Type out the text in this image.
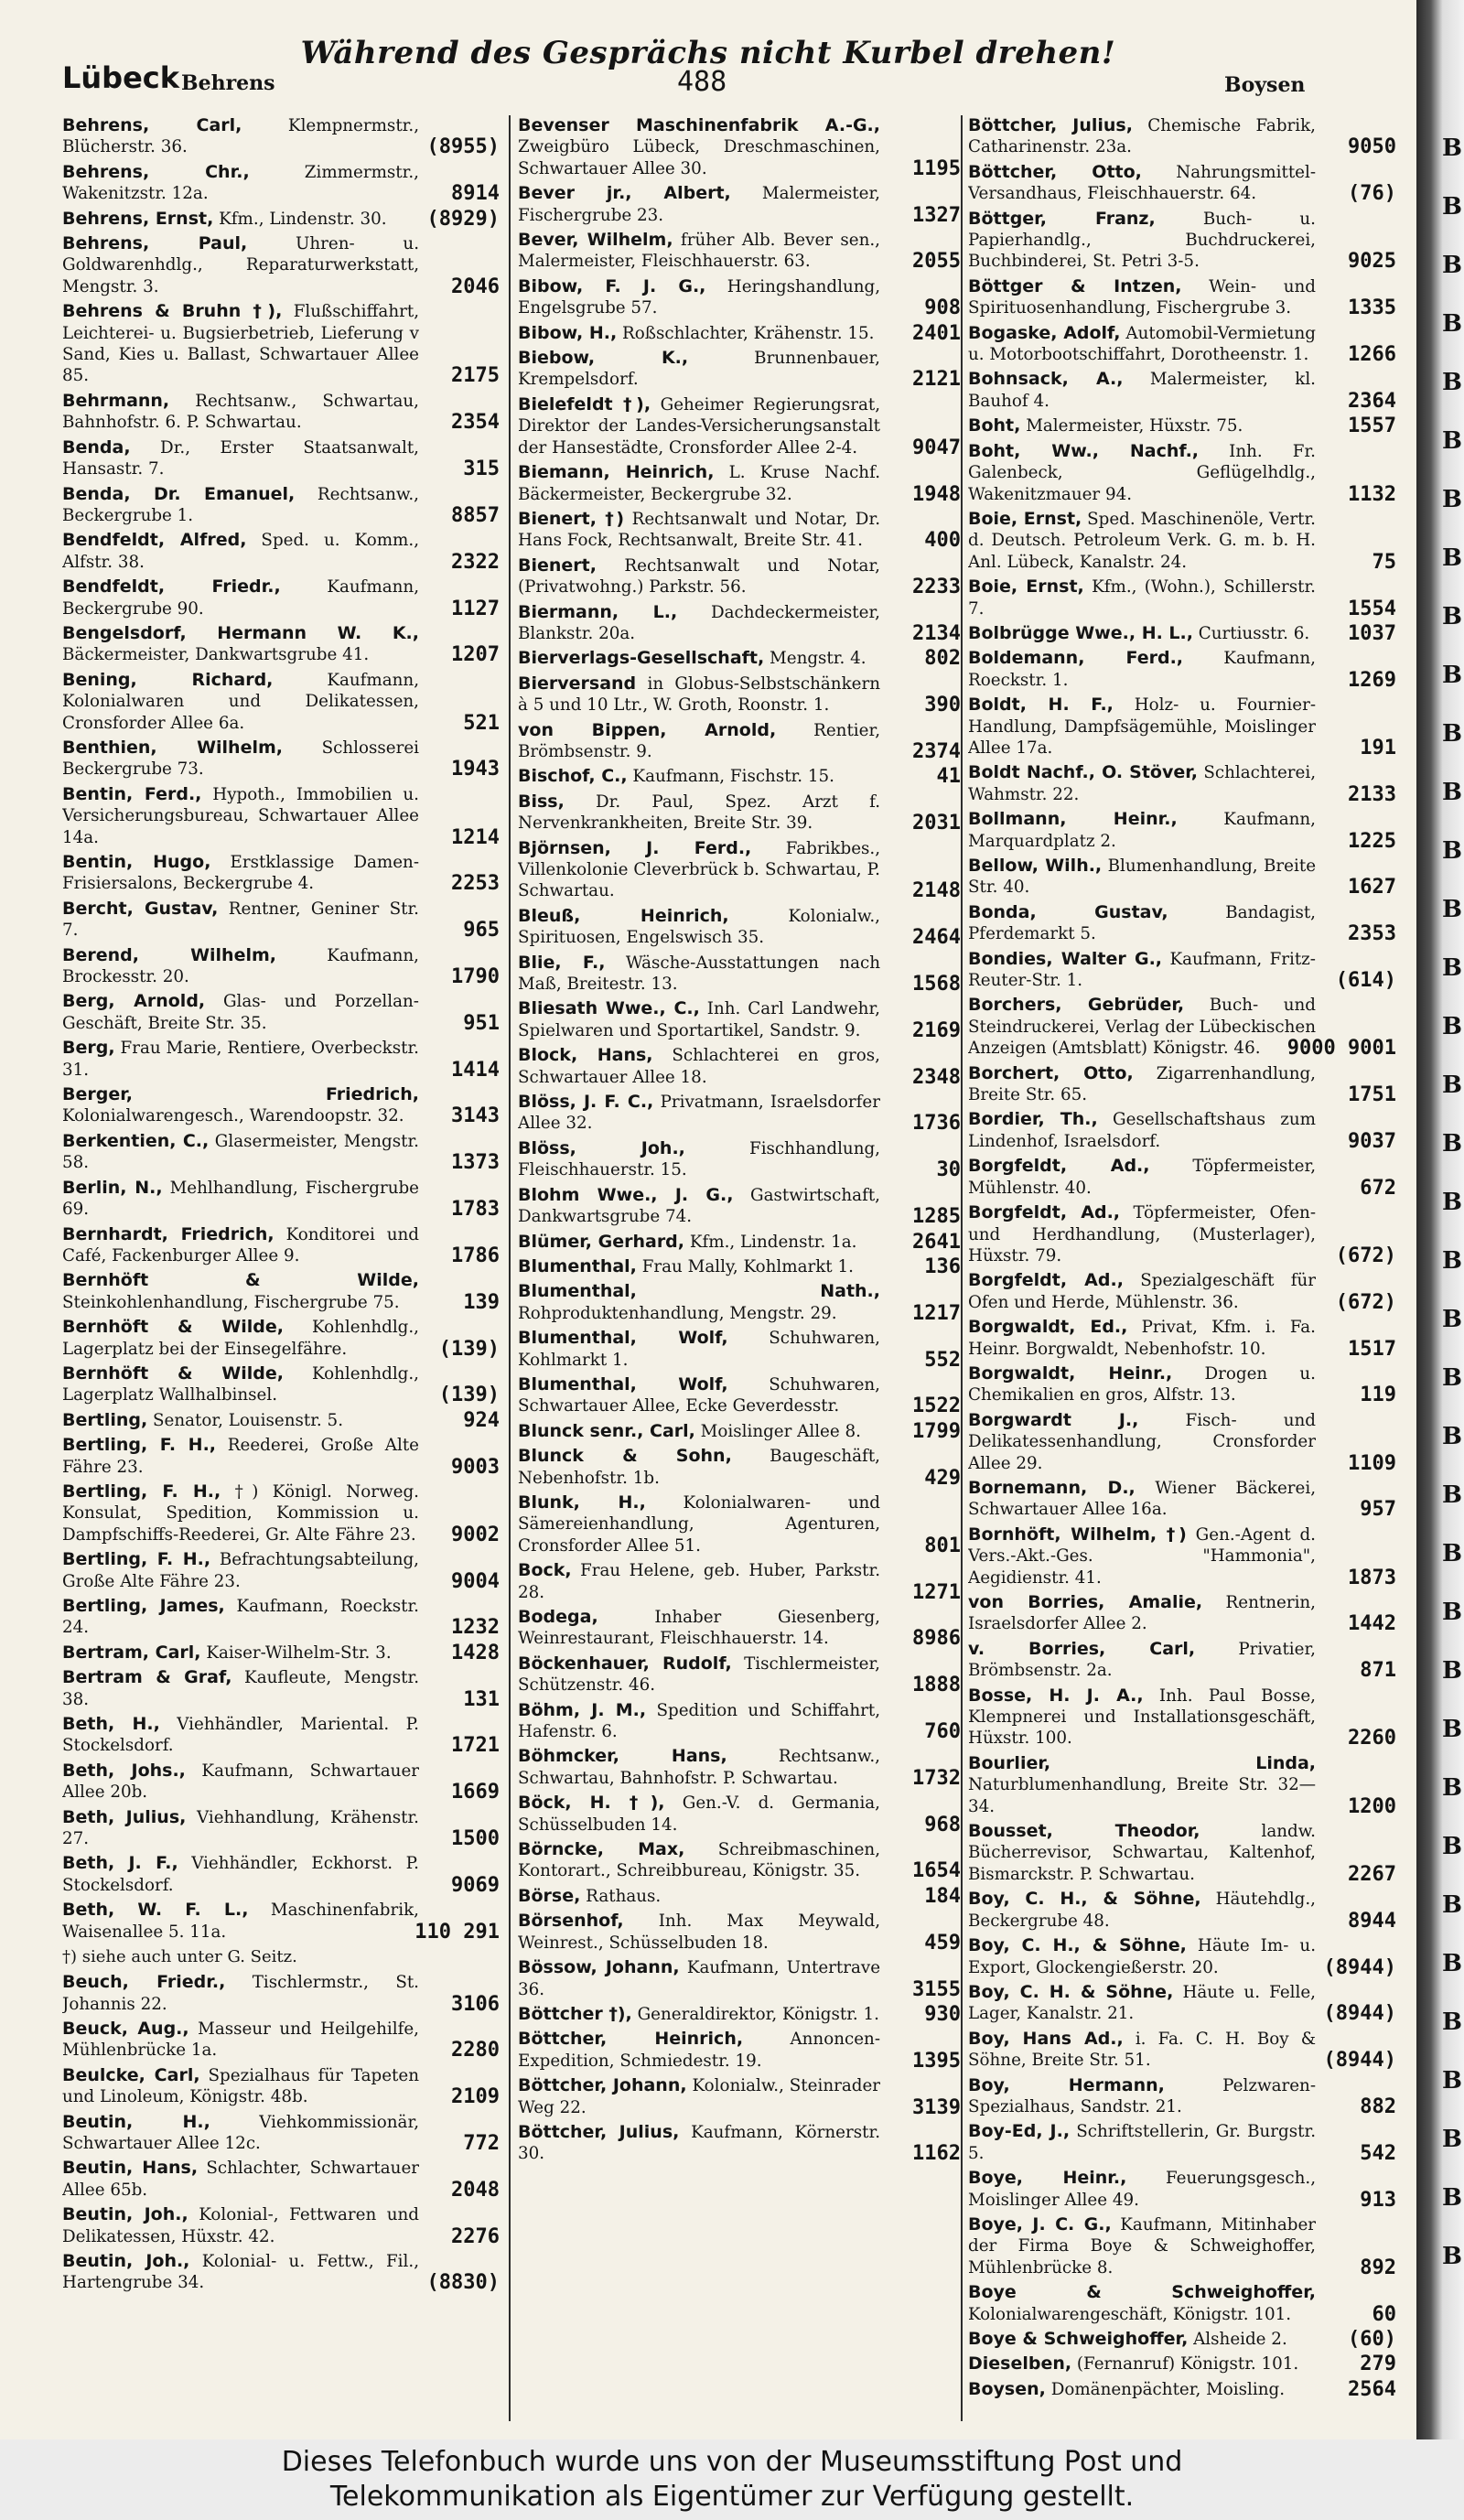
Während des Gesprächs nicht Kurbel drehen!
Lübeck Behrens	488	Boysen
Behrens, Carl,	Klempnermstr., Blücherstr. 36.	(8955)
Behrens, Chr.,	Zimmermstr., Wakenitzstr. 12a.	8914
Behrens, Ernst, Kfm., Lindenstr. 30. (8929)
Behrens, Paul,	Uhren- u. Goldwarenhdlg., Reparaturwerkstatt, Mengstr. 3.	2046
Behrens & Bruhn †), Flußschiffahrt, Leichterei- u. Bugsierbetrieb, Lieferung v Sand, Kies u. Ballast, Schwartauer Allee 85.	2175
Behrmann, Rechtsanw., Schwartau, Bahnhofstr. 6. P. Schwartau.	2354
Benda, Dr., Erster Staatsanwalt, Hansastr. 7.	315
Benda, Dr. Emanuel, Rechtsanw., Beckergrube 1.	8857
Bendfeldt, Alfred, Sped. u. Komm., Alfstr. 38.	2322
Bendfeldt, Friedr.,	Kaufmann, Beckergrube 90.	1127
Bengelsdorf, Hermann W. K., Bäckermeister, Dankwartsgrube 41.	1207
Bening, Richard,	Kaufmann, Kolonialwaren und Delikatessen, Cronsforder Allee 6a.	521
Benthien, Wilhelm, Schlosserei Beckergrube 73.	1943
Bentin, Ferd., Hypoth., Immobilien u. Versicherungsbureau, Schwartauer Allee 14a.	1214
Bentin, Hugo, Erstklassige Damen-Frisiersalons, Beckergrube 4.	2253
Bercht, Gustav, Rentner, Geniner Str. 7.	965
Berend, Wilhelm,	Kaufmann, Brockesstr. 20.	1790
Berg, Arnold, Glas- und Porzellan-Geschäft, Breite Str. 35.	951
Berg, Frau Marie, Rentiere, Overbeckstr. 31.	1414
Berger, Friedrich, Kolonialwarengesch., Warendoopstr. 32. 3143
Berkentien, C., Glasermeister, Mengstr. 58.	1373
Berlin, N., Mehlhandlung, Fischergrube 69.	1783
Bernhardt, Friedrich, Konditorei und Café, Fackenburger Allee 9.	1786
Bernhöft & Wilde, Steinkohlenhandlung, Fischergrube 75.	139
Bernhöft & Wilde, Kohlenhdlg., Lagerplatz bei der Einsegelfähre.	(139)
Bernhöft & Wilde, Kohlenhdlg., Lagerplatz Wallhalbinsel.	(139)
Bertling, Senator, Louisenstr. 5.	924
Bertling, F. H., Reederei, Große Alte Fähre 23.	9003
Bertling, F. H., †) Königl. Norweg. Konsulat, Spedition, Kommission u. Dampfschiffs-Reederei, Gr. Alte Fähre 23. 9002
Bertling, F. H., Befrachtungsabteilung, Große Alte Fähre 23.	9004
Bertling, James, Kaufmann, Roeckstr. 24.	1232
Bertram, Carl, Kaiser-Wilhelm-Str. 3.	1428
Bertram & Graf, Kaufleute, Mengstr. 38.	131
Beth, H., Viehhändler, Mariental. P. Stockelsdorf.	1721
Beth, Johs., Kaufmann, Schwartauer Allee 20b.	1669
Beth, Julius, Viehhandlung, Krähenstr. 27.	1500
Beth, J. F., Viehhändler, Eckhorst. P. Stockelsdorf.	9069
Beth, W. F. L., Maschinenfabrik, Waisenallee 5. 11a.	110 291
†) siehe auch unter G. Seitz.
Beuch, Friedr., Tischlermstr., St. Johannis 22.	3106
Beuck, Aug., Masseur und Heilgehilfe, Mühlenbrücke 1a.	2280
Beulcke, Carl, Spezialhaus für Tapeten und Linoleum, Königstr. 48b.	2109
Beutin, H.,	Viehkommissionär, Schwartauer Allee 12c.	772
Beutin, Hans, Schlachter, Schwartauer Allee 65b.	2048
Beutin, Joh., Kolonial-, Fettwaren und Delikatessen, Hüxstr. 42.	2276
Beutin, Joh., Kolonial- u. Fettw., Fil., Hartengrube 34.	(8830)
Bevenser Maschinenfabrik A.-G., Zweigbüro Lübeck, Dreschmaschinen, Schwartauer Allee 30.	1195
Bever jr., Albert, Malermeister, Fischergrube 23.	1327
Bever, Wilhelm, früher Alb. Bever sen., Malermeister, Fleischhauerstr. 63.	2055
Bibow, F. J. G., Heringshandlung, Engelsgrube 57.	908
Bibow, H., Roßschlachter, Krähenstr. 15. 2401
Biebow, K.,	Brunnenbauer, Krempelsdorf.	2121
Bielefeldt †), Geheimer Regierungsrat, Direktor der Landes-Versicherungsanstalt der Hansestädte, Cronsforder Allee 2-4.	9047
Biemann, Heinrich, L. Kruse Nachf. Bäckermeister, Beckergrube 32.	1948
Bienert, †) Rechtsanwalt und Notar, Dr. Hans Fock, Rechtsanwalt, Breite Str. 41.	400
Bienert, Rechtsanwalt und Notar, (Privatwohng.) Parkstr. 56.	2233
Biermann, L., Dachdeckermeister, Blankstr. 20a.	2134
Bierverlags-Gesellschaft, Mengstr. 4.	802
Bierversand in Globus-Selbstschänkern à 5 und 10 Ltr., W. Groth, Roonstr. 1.	390
von Bippen, Arnold, Rentier, Brömbsenstr. 9.	2374
Bischof, C., Kaufmann, Fischstr. 15.	41
Biss, Dr. Paul, Spez. Arzt f. Nervenkrankheiten, Breite Str. 39.	2031
Björnsen, J. Ferd., Fabrikbes., Villenkolonie Cleverbrück b. Schwartau, P. Schwartau.	2148
Bleuß, Heinrich,	Kolonialw., Spirituosen, Engelswisch 35.	2464
Blie, F., Wäsche-Ausstattungen nach Maß, Breitestr. 13.	1568
Bliesath Wwe., C., Inh. Carl Landwehr, Spielwaren und Sportartikel, Sandstr. 9.	2169
Block, Hans, Schlachterei en gros, Schwartauer Allee 18.	2348
Blöss, J. F. C., Privatmann, Israelsdorfer Allee 32.	1736
Blöss, Joh.,	Fischhandlung, Fleischhauerstr. 15.	30
Blohm Wwe., J. G., Gastwirtschaft, Dankwartsgrube 74.	1285
Blümer, Gerhard, Kfm., Lindenstr. 1a.	2641
Blumenthal, Frau Mally, Kohlmarkt 1.	136
Blumenthal, Nath., Rohproduktenhandlung, Mengstr. 29.	1217
Blumenthal, Wolf, Schuhwaren, Kohlmarkt 1.	552
Blumenthal, Wolf, Schuhwaren, Schwartauer Allee, Ecke Geverdesstr.	1522
Blunck senr., Carl, Moislinger Allee 8.	1799
Blunck & Sohn, Baugeschäft, Nebenhofstr. 1b.	429
Blunk, H., Kolonialwaren- und Sämereienhandlung, Agenturen, Cronsforder Allee 51.	801
Bock, Frau Helene, geb. Huber, Parkstr. 28.	1271
Bodega,	Inhaber Giesenberg, Weinrestaurant, Fleischhauerstr. 14.	8986
Böckenhauer, Rudolf, Tischlermeister, Schützenstr. 46.	1888
Böhm, J. M., Spedition und Schiffahrt, Hafenstr. 6.	760
Böhmcker, Hans,	Rechtsanw., Schwartau, Bahnhofstr. P. Schwartau.	1732
Böck, H. †), Gen.-V. d. Germania, Schüsselbuden 14.	968
Börncke, Max, Schreibmaschinen, Kontorart., Schreibbureau, Königstr. 35.	1654
Börse, Rathaus.	184
Börsenhof, Inh. Max Meywald, Weinrest., Schüsselbuden 18.	459
Bössow, Johann, Kaufmann, Untertrave 36.	3155
Böttcher †), Generaldirektor, Königstr. 1. 930
Böttcher, Heinrich,	Annoncen-Expedition, Schmiedestr. 19.	1395
Böttcher, Johann, Kolonialw., Steinrader Weg 22.	3139
Böttcher, Julius, Kaufmann, Körnerstr. 30.	1162
Böttcher, Julius, Chemische Fabrik, Catharinenstr. 23a.	9050
Böttcher, Otto, Nahrungsmittel-Versandhaus, Fleischhauerstr. 64.	(76)
Böttger, Franz,	Buch- u. Papierhandlg., Buchdruckerei, Buchbinderei, St. Petri 3-5.	9025
Böttger & Intzen, Wein- und Spirituosenhandlung, Fischergrube 3.	1335
Bogaske, Adolf, Automobil-Vermietung u. Motorbootschiffahrt, Dorotheenstr. 1. 1266
Bohnsack, A., Malermeister, kl. Bauhof 4.	2364
Boht, Malermeister, Hüxstr. 75.	1557
Boht, Ww., Nachf., Inh. Fr. Galenbeck, Geflügelhdlg., Wakenitzmauer 94.	1132
Boie, Ernst, Sped. Maschinenöle, Vertr. d. Deutsch. Petroleum Verk. G. m. b. H. Anl. Lübeck, Kanalstr. 24.	75
Boie, Ernst, Kfm., (Wohn.), Schillerstr. 7.	1554
Bolbrügge Wwe., H. L., Curtiusstr. 6. 1037
Boldemann, Ferd., Kaufmann, Roeckstr. 1.	1269
Boldt, H. F., Holz- u. Fournier-Handlung, Dampfsägemühle, Moislinger Allee 17a.	191
Boldt Nachf., O. Stöver, Schlachterei, Wahmstr. 22.	2133
Bollmann, Heinr.,	Kaufmann, Marquardplatz 2.	1225
Bellow, Wilh., Blumenhandlung, Breite Str. 40.	1627
Bonda, Gustav,	Bandagist, Pferdemarkt 5.	2353
Bondies, Walter G., Kaufmann, Fritz-Reuter-Str. 1.	(614)
Borchers, Gebrüder, Buch- und Steindruckerei, Verlag der Lübeckischen Anzeigen (Amtsblatt) Königstr. 46. 9000 9001
Borchert, Otto, Zigarrenhandlung, Breite Str. 65.	1751
Bordier, Th., Gesellschaftshaus zum Lindenhof, Israelsdorf.	9037
Borgfeldt, Ad.,	Töpfermeister, Mühlenstr. 40.	672
Borgfeldt, Ad., Töpfermeister, Ofen- und Herdhandlung, (Musterlager), Hüxstr. 79.	(672)
Borgfeldt, Ad., Spezialgeschäft für Ofen und Herde, Mühlenstr. 36.	(672)
Borgwaldt, Ed., Privat, Kfm. i. Fa. Heinr. Borgwaldt, Nebenhofstr. 10.	1517
Borgwaldt, Heinr., Drogen u. Chemikalien en gros, Alfstr. 13.	119
Borgwardt J.,	Fisch- und Delikatessenhandlung, Cronsforder Allee 29.	1109
Bornemann, D., Wiener Bäckerei, Schwartauer Allee 16a.	957
Bornhöft, Wilhelm, †) Gen.-Agent d. Vers.-Akt.-Ges. "Hammonia", Aegidienstr. 41.	1873
von Borries, Amalie, Rentnerin, Israelsdorfer Allee 2.	1442
v. Borries, Carl,	Privatier, Brömbsenstr. 2a.	871
Bosse, H. J. A., Inh. Paul Bosse, Klempnerei und Installationsgeschäft, Hüxstr. 100.	2260
Bourlier, Linda, Naturblumenhandlung, Breite Str. 32—34.	1200
Bousset, Theodor,	landw. Bücherrevisor, Schwartau, Kaltenhof, Bismarckstr. P. Schwartau.	2267
Boy, C. H., & Söhne, Häutehdlg., Beckergrube 48.	8944
Boy, C. H., & Söhne, Häute Im- u. Export, Glockengießerstr. 20.	(8944)
Boy, C. H. & Söhne, Häute u. Felle, Lager, Kanalstr. 21.	(8944)
Boy, Hans Ad., i. Fa. C. H. Boy & Söhne, Breite Str. 51.	(8944)
Boy, Hermann,	Pelzwaren-Spezialhaus, Sandstr. 21.	882
Boy-Ed, J., Schriftstellerin, Gr. Burgstr. 5.	542
Boye, Heinr., Feuerungsgesch., Moislinger Allee 49.	913
Boye, J. C. G., Kaufmann, Mitinhaber der Firma Boye & Schweighoffer, Mühlenbrücke 8.	892
Boye & Schweighoffer, Kolonialwarengeschäft, Königstr. 101.	60
Boye & Schweighoffer, Alsheide 2.	(60)
Dieselben, (Fernanruf) Königstr. 101.	279
Boysen, Domänenpächter, Moisling.	2564
B
B
B
B
B
B
B
B
B
B
B
B
B
B
B
B
B
B
B
B
B
B
B
B
B
B
B
B
B
B
B
B
B
B
B
B
B
Dieses Telefonbuch wurde uns von der Museumsstiftung Post und
Telekommunikation als Eigentümer zur Verfügung gestellt.
